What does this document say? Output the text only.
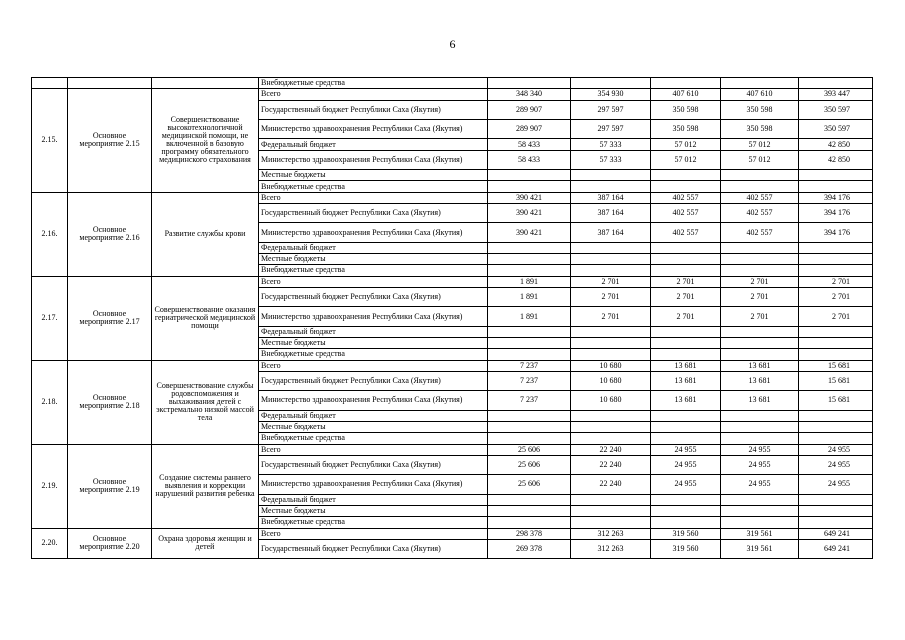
6
			Внебюджетные средства					
2.15.	Основное мероприятие 2.15	Совершенствование высокотехнологичной медицинской помощи, не включенной в базовую программу обязательного медицинского страхования	Всего	348 340	354 930	407 610	407 610	393 447
			Государственный бюджет Республики Саха (Якутия)	289 907	297 597	350 598	350 598	350 597
			Министерство здравоохранения Республики Саха (Якутия)	289 907	297 597	350 598	350 598	350 597
			Федеральный бюджет	58 433	57 333	57 012	57 012	42 850
			Министерство здравоохранения Республики Саха (Якутия)	58 433	57 333	57 012	57 012	42 850
			Местные бюджеты					
			Внебюджетные средства					
2.16.	Основное мероприятие 2.16	Развитие службы крови	Всего	390 421	387 164	402 557	402 557	394 176
			Государственный бюджет Республики Саха (Якутия)	390 421	387 164	402 557	402 557	394 176
			Министерство здравоохранения Республики Саха (Якутия)	390 421	387 164	402 557	402 557	394 176
			Федеральный бюджет					
			Местные бюджеты					
			Внебюджетные средства					
2.17.	Основное мероприятие 2.17	Совершенствование оказания гериатрической медицинской помощи	Всего	1 891	2 701	2 701	2 701	2 701
			Государственный бюджет Республики Саха (Якутия)	1 891	2 701	2 701	2 701	2 701
			Министерство здравоохранения Республики Саха (Якутия)	1 891	2 701	2 701	2 701	2 701
			Федеральный бюджет					
			Местные бюджеты					
			Внебюджетные средства					
2.18.	Основное мероприятие 2.18	Совершенствование службы родовспоможения и выхаживания детей с экстремально низкой массой тела	Всего	7 237	10 680	13 681	13 681	15 681
			Государственный бюджет Республики Саха (Якутия)	7 237	10 680	13 681	13 681	15 681
			Министерство здравоохранения Республики Саха (Якутия)	7 237	10 680	13 681	13 681	15 681
			Федеральный бюджет					
			Местные бюджеты					
			Внебюджетные средства					
2.19.	Основное мероприятие 2.19	Создание системы раннего выявления и коррекции нарушений развития ребенка	Всего	25 606	22 240	24 955	24 955	24 955
			Государственный бюджет Республики Саха (Якутия)	25 606	22 240	24 955	24 955	24 955
			Министерство здравоохранения Республики Саха (Якутия)	25 606	22 240	24 955	24 955	24 955
			Федеральный бюджет					
			Местные бюджеты					
			Внебюджетные средства					
2.20.	Основное мероприятие 2.20	Охрана здоровья женщин и детей	Всего	298 378	312 263	319 560	319 561	649 241
			Государственный бюджет Республики Саха (Якутия)	269 378	312 263	319 560	319 561	649 241
